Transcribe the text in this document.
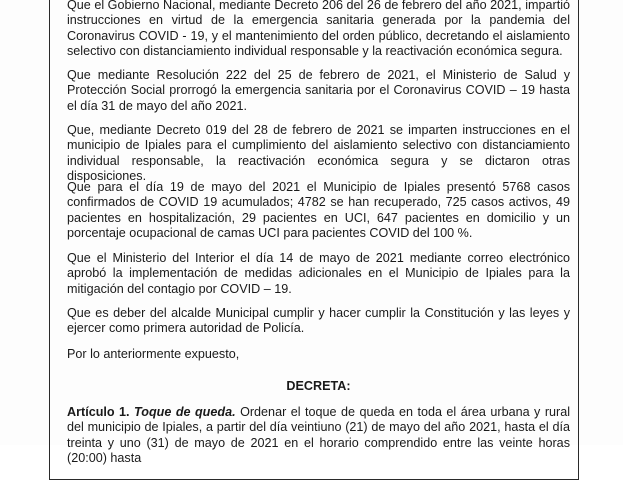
Que el Gobierno Nacional, mediante Decreto 206 del 26 de febrero del año 2021, impartió instrucciones en virtud de la emergencia sanitaria generada por la pandemia del Coronavirus COVID - 19, y el mantenimiento del orden público, decretando el aislamiento selectivo con distanciamiento individual responsable y la reactivación económica segura.

Que mediante Resolución 222 del 25 de febrero de 2021, el Ministerio de Salud y Protección Social prorrogó la emergencia sanitaria por el Coronavirus COVID – 19 hasta el día 31 de mayo del año 2021.

Que, mediante Decreto 019 del 28 de febrero de 2021 se imparten instrucciones en el municipio de Ipiales para el cumplimiento del aislamiento selectivo con distanciamiento individual responsable, la reactivación económica segura y se dictaron otras disposiciones.

Que para el día 19 de mayo del 2021 el Municipio de Ipiales presentó 5768 casos confirmados de COVID 19 acumulados; 4782 se han recuperado, 725 casos activos, 49 pacientes en hospitalización, 29 pacientes en UCI, 647 pacientes en domicilio y un porcentaje ocupacional de camas UCI para pacientes COVID del 100 %.

Que el Ministerio del Interior el día 14 de mayo de 2021 mediante correo electrónico aprobó la implementación de medidas adicionales en el Municipio de Ipiales para la mitigación del contagio por COVID – 19.

Que es deber del alcalde Municipal cumplir y hacer cumplir la Constitución y las leyes y ejercer como primera autoridad de Policía.

Por lo anteriormente expuesto,

DECRETA:

Artículo 1. Toque de queda. Ordenar el toque de queda en toda el área urbana y rural del municipio de Ipiales, a partir del día veintiuno (21) de mayo del año 2021, hasta el día treinta y uno (31) de mayo de 2021 en el horario comprendido entre las veinte horas (20:00) hasta
